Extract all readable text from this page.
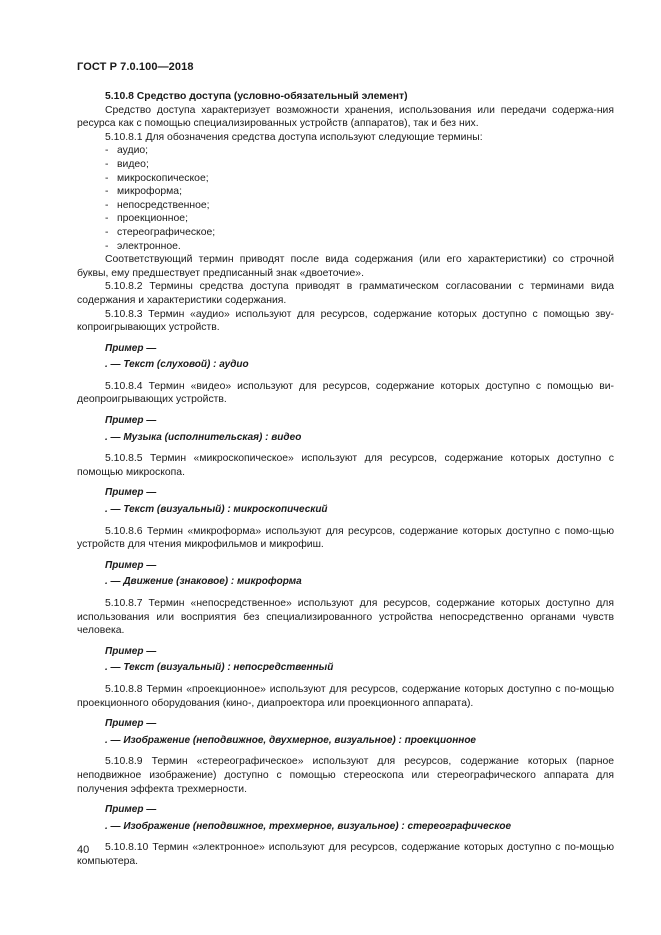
ГОСТ Р 7.0.100—2018

5.10.8 Средство доступа (условно-обязательный элемент)

Средство доступа характеризует возможности хранения, использования или передачи содержа-ния ресурса как с помощью специализированных устройств (аппаратов), так и без них.

5.10.8.1 Для обозначения средства доступа используют следующие термины:

- аудио;

- видео;

- микроскопическое;

- микроформа;

- непосредственное;

- проекционное;

- стереографическое;

- электронное.

Соответствующий термин приводят после вида содержания (или его характеристики) со строчной буквы, ему предшествует предписанный знак «двоеточие».

5.10.8.2 Термины средства доступа приводят в грамматическом согласовании с терминами вида содержания и характеристики содержания.

5.10.8.3 Термин «аудио» используют для ресурсов, содержание которых доступно с помощью зву-копроигрывающих устройств.

Пример —

. — Текст (слуховой) : аудио

5.10.8.4 Термин «видео» используют для ресурсов, содержание которых доступно с помощью ви-деопроигрывающих устройств.

Пример —

. — Музыка (исполнительская) : видео

5.10.8.5 Термин «микроскопическое» используют для ресурсов, содержание которых доступно с помощью микроскопа.

Пример —

. — Текст (визуальный) : микроскопический

5.10.8.6 Термин «микроформа» используют для ресурсов, содержание которых доступно с помо-щью устройств для чтения микрофильмов и микрофиш.

Пример —

. — Движение (знаковое) : микроформа

5.10.8.7 Термин «непосредственное» используют для ресурсов, содержание которых доступно для использования или восприятия без специализированного устройства непосредственно органами чувств человека.

Пример —

. — Текст (визуальный) : непосредственный

5.10.8.8 Термин «проекционное» используют для ресурсов, содержание которых доступно с по-мощью проекционного оборудования (кино-, диапроектора или проекционного аппарата).

Пример —

. — Изображение (неподвижное, двухмерное, визуальное) : проекционное

5.10.8.9 Термин «стереографическое» используют для ресурсов, содержание которых (парное неподвижное изображение) доступно с помощью стереоскопа или стереографического аппарата для получения эффекта трехмерности.

Пример —

. — Изображение (неподвижное, трехмерное, визуальное) : стереографическое

5.10.8.10 Термин «электронное» используют для ресурсов, содержание которых доступно с по-мощью компьютера.

40
